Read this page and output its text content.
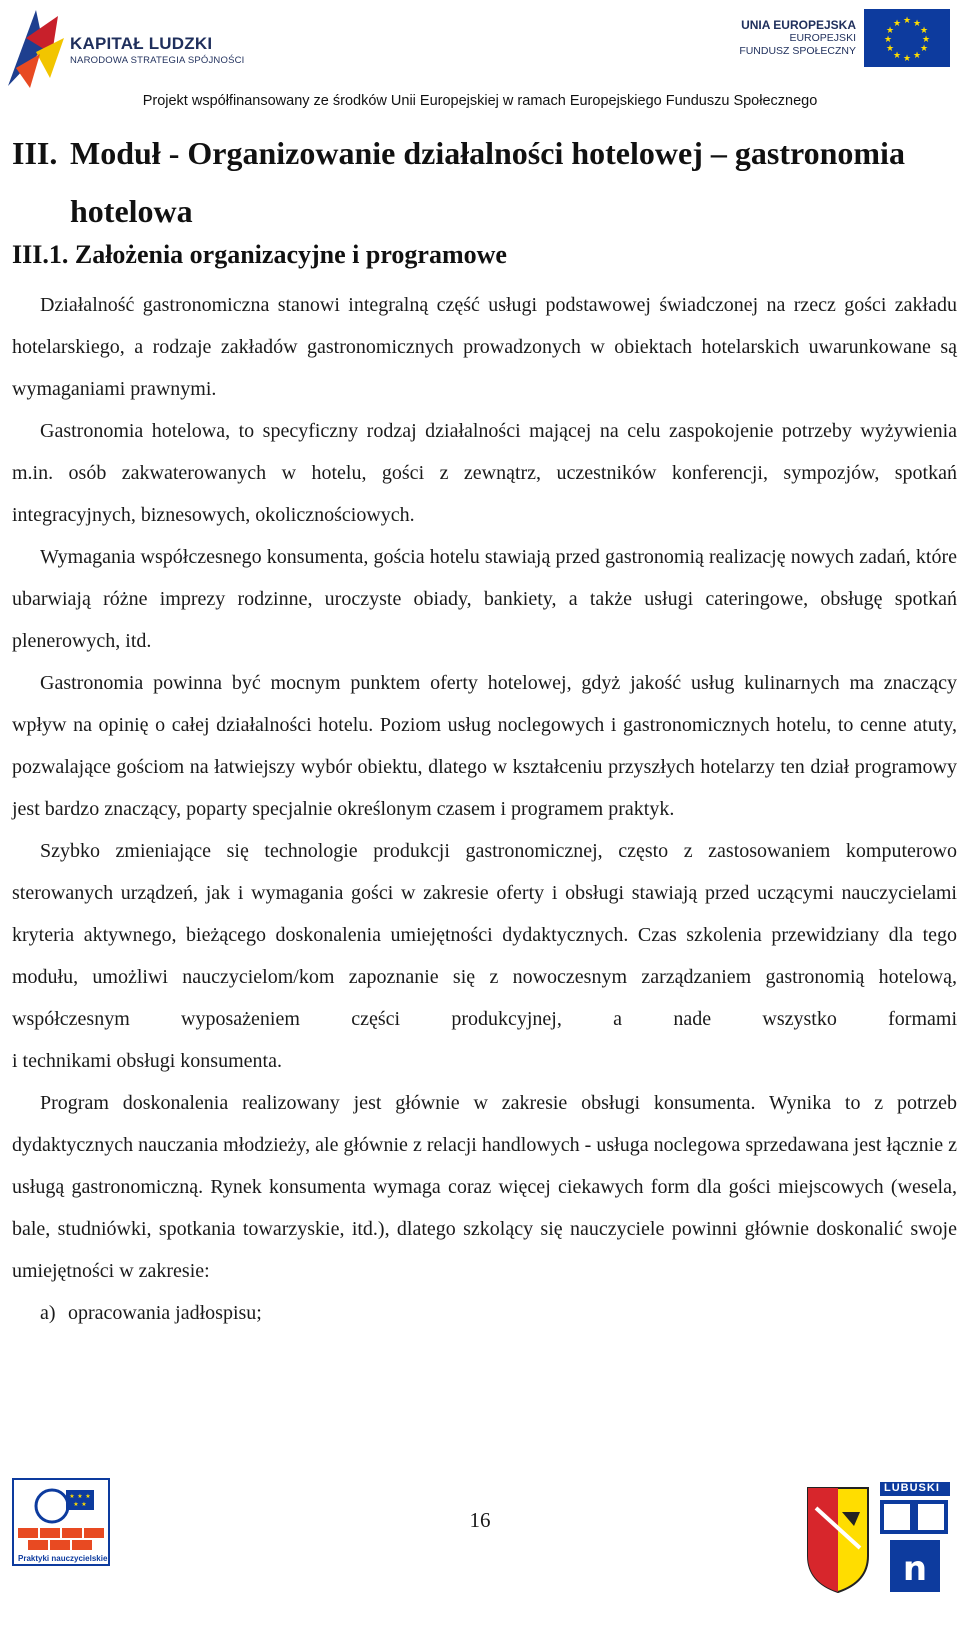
KAPITAŁ LUDZKI
NARODOWA STRATEGIA SPÓJNOŚCI
UNIA EUROPEJSKA
EUROPEJSKI
FUNDUSZ SPOŁECZNY
★ ★
★
★
★
★
★
★
★
★
★
★
Projekt współfinansowany ze środków Unii Europejskiej w ramach Europejskiego Funduszu Społecznego
III. Moduł - Organizowanie działalności hotelowej – gastronomia
hotelowa
III.1. Założenia organizacyjne i programowe

Działalność gastronomiczna stanowi integralną część usługi podstawowej świadczonej na rzecz gości zakładu hotelarskiego, a rodzaje zakładów gastronomicznych prowadzonych w obiektach hotelarskich uwarunkowane są wymaganiami prawnymi.

Gastronomia hotelowa, to specyficzny rodzaj działalności mającej na celu zaspokojenie potrzeby wyżywienia m.in. osób zakwaterowanych w hotelu, gości z zewnątrz, uczestników konferencji, sympozjów, spotkań integracyjnych, biznesowych, okolicznościowych.

Wymagania współczesnego konsumenta, gościa hotelu stawiają przed gastronomią realizację nowych zadań, które ubarwiają różne imprezy rodzinne, uroczyste obiady, bankiety, a także usługi cateringowe, obsługę spotkań plenerowych, itd.

Gastronomia powinna być mocnym punktem oferty hotelowej, gdyż jakość usług kulinarnych ma znaczący wpływ na opinię o całej działalności hotelu. Poziom usług noclegowych i gastronomicznych hotelu, to cenne atuty, pozwalające gościom na łatwiejszy wybór obiektu, dlatego w kształceniu przyszłych hotelarzy ten dział programowy jest bardzo znaczący, poparty specjalnie określonym czasem i programem praktyk.

Szybko zmieniające się technologie produkcji gastronomicznej, często z zastosowaniem komputerowo sterowanych urządzeń, jak i wymagania gości w zakresie oferty i obsługi stawiają przed uczącymi nauczycielami kryteria aktywnego, bieżącego doskonalenia umiejętności dydaktycznych. Czas szkolenia przewidziany dla tego modułu, umożliwi nauczycielom/kom zapoznanie się z nowoczesnym zarządzaniem gastronomią hotelową, współczesnym wyposażeniem części produkcyjnej, a nade wszystko formami

i technikami obsługi konsumenta.

Program doskonalenia realizowany jest głównie w zakresie obsługi konsumenta. Wynika to z potrzeb dydaktycznych nauczania młodzieży, ale głównie z relacji handlowych - usługa noclegowa sprzedawana jest łącznie z usługą gastronomiczną. Rynek konsumenta wymaga coraz więcej ciekawych form dla gości miejscowych (wesela, bale, studniówki, spotkania towarzyskie, itd.), dlatego szkolący się nauczyciele powinni głównie doskonalić swoje umiejętności w zakresie:

a) opracowania jadłospisu;

★ ★ ★
★ ★
Praktyki nauczycielskie
16
n
LUBUSKI
